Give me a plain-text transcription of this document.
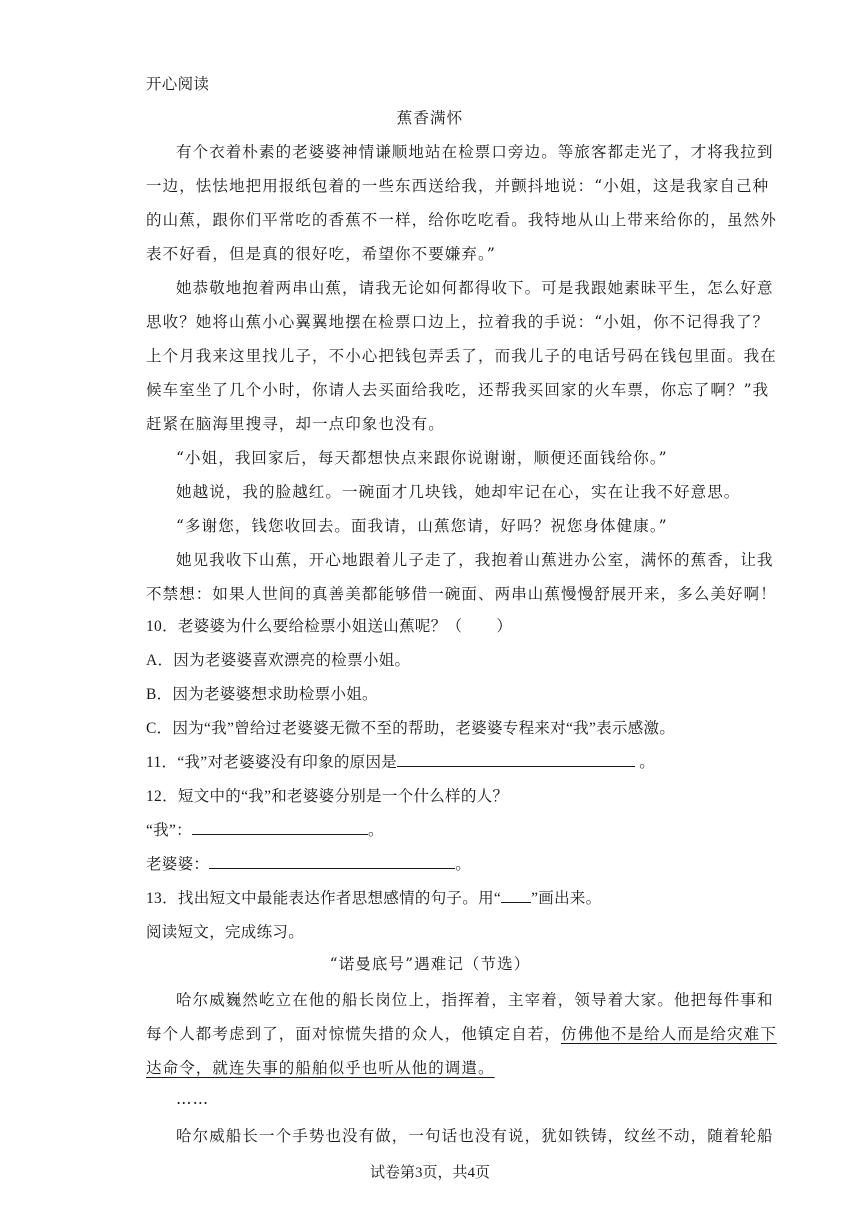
开心阅读
蕉香满怀
有个衣着朴素的老婆婆神情谦顺地站在检票口旁边。等旅客都走光了，才将我拉到
一边，怯怯地把用报纸包着的一些东西送给我，并颤抖地说：“小姐，这是我家自己种
的山蕉，跟你们平常吃的香蕉不一样，给你吃吃看。我特地从山上带来给你的，虽然外
表不好看，但是真的很好吃，希望你不要嫌弃。”
她恭敬地抱着两串山蕉，请我无论如何都得收下。可是我跟她素昧平生，怎么好意
思收？她将山蕉小心翼翼地摆在检票口边上，拉着我的手说：“小姐，你不记得我了？
上个月我来这里找儿子，不小心把钱包弄丢了，而我儿子的电话号码在钱包里面。我在
候车室坐了几个小时，你请人去买面给我吃，还帮我买回家的火车票，你忘了啊？”我
赶紧在脑海里搜寻，却一点印象也没有。
“小姐，我回家后，每天都想快点来跟你说谢谢，顺便还面钱给你。”
她越说，我的脸越红。一碗面才几块钱，她却牢记在心，实在让我不好意思。
“多谢您，钱您收回去。面我请，山蕉您请，好吗？祝您身体健康。”
她见我收下山蕉，开心地跟着儿子走了，我抱着山蕉进办公室，满怀的蕉香，让我
不禁想：如果人世间的真善美都能够借一碗面、两串山蕉慢慢舒展开来，多么美好啊！
10．老婆婆为什么要给检票小姐送山蕉呢？（ ）
A．因为老婆婆喜欢漂亮的检票小姐。
B．因为老婆婆想求助检票小姐。
C．因为“我”曾给过老婆婆无微不至的帮助，老婆婆专程来对“我”表示感激。
11．“我”对老婆婆没有印象的原因是	。
12．短文中的“我”和老婆婆分别是一个什么样的人？
“我”：	。
老婆婆：	。
13．找出短文中最能表达作者思想感情的句子。用“ ”画出来。
阅读短文，完成练习。
“诺曼底号”遇难记（节选）
哈尔威巍然屹立在他的船长岗位上，指挥着，主宰着，领导着大家。他把每件事和
每个人都考虑到了，面对惊慌失措的众人，他镇定自若，仿佛他不是给人而是给灾难下
达命令，就连失事的船舶似乎也听从他的调遣。
……
哈尔威船长一个手势也没有做，一句话也没有说，犹如铁铸，纹丝不动，随着轮船
试卷第3页，共4页
